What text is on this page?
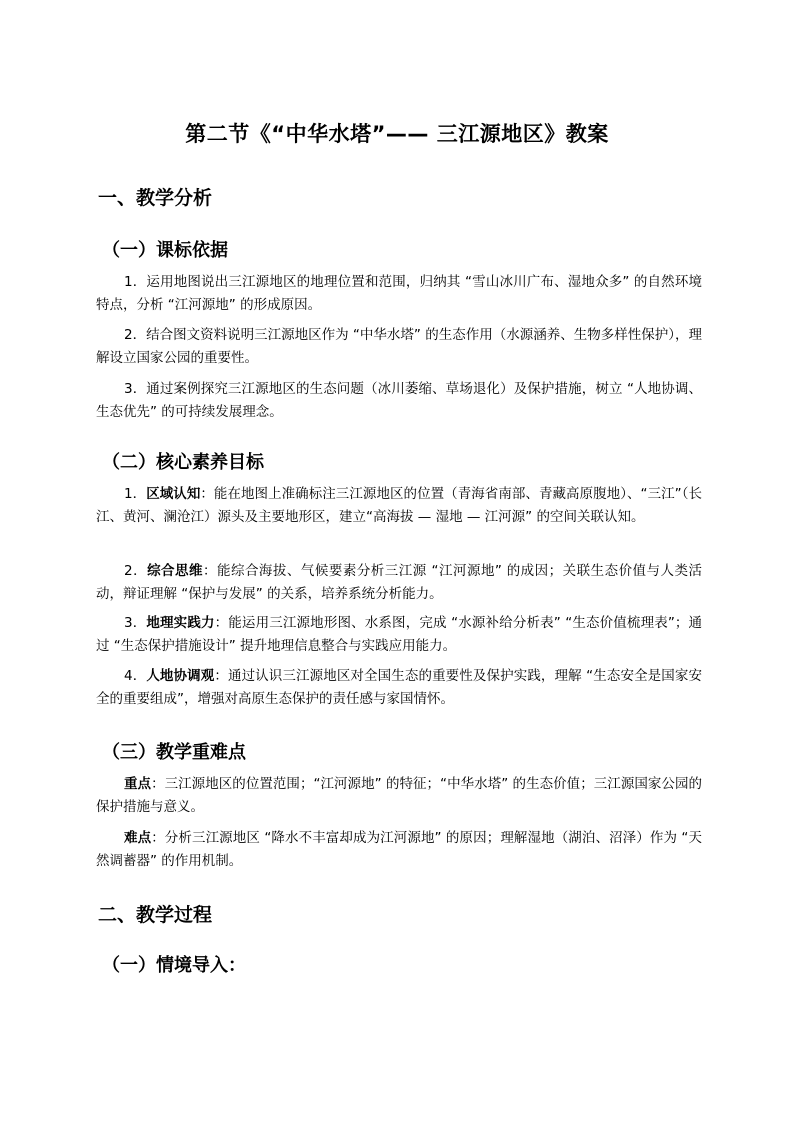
第二节《“中华水塔”—— 三江源地区》教案
一、教学分析
（一）课标依据
1．运用地图说出三江源地区的地理位置和范围，归纳其 “雪山冰川广布、湿地众多” 的自然环境特点，分析 “江河源地” 的形成原因。
2．结合图文资料说明三江源地区作为 “中华水塔” 的生态作用（水源涵养、生物多样性保护），理解设立国家公园的重要性。
3．通过案例探究三江源地区的生态问题（冰川萎缩、草场退化）及保护措施，树立 “人地协调、生态优先” 的可持续发展理念。
（二）核心素养目标
1．区域认知：能在地图上准确标注三江源地区的位置（青海省南部、青藏高原腹地）、“三江”（长江、黄河、澜沧江）源头及主要地形区，建立“高海拔 — 湿地 — 江河源” 的空间关联认知。
2．综合思维：能综合海拔、气候要素分析三江源 “江河源地” 的成因；关联生态价值与人类活动，辩证理解 “保护与发展” 的关系，培养系统分析能力。
3．地理实践力：能运用三江源地形图、水系图，完成 “水源补给分析表” “生态价值梳理表”；通过 “生态保护措施设计” 提升地理信息整合与实践应用能力。
4．人地协调观：通过认识三江源地区对全国生态的重要性及保护实践，理解 “生态安全是国家安全的重要组成”，增强对高原生态保护的责任感与家国情怀。
（三）教学重难点
重点：三江源地区的位置范围；“江河源地” 的特征；“中华水塔” 的生态价值；三江源国家公园的保护措施与意义。
难点：分析三江源地区 “降水不丰富却成为江河源地” 的原因；理解湿地（湖泊、沼泽）作为 “天然调蓄器” 的作用机制。
二、教学过程
（一）情境导入：
